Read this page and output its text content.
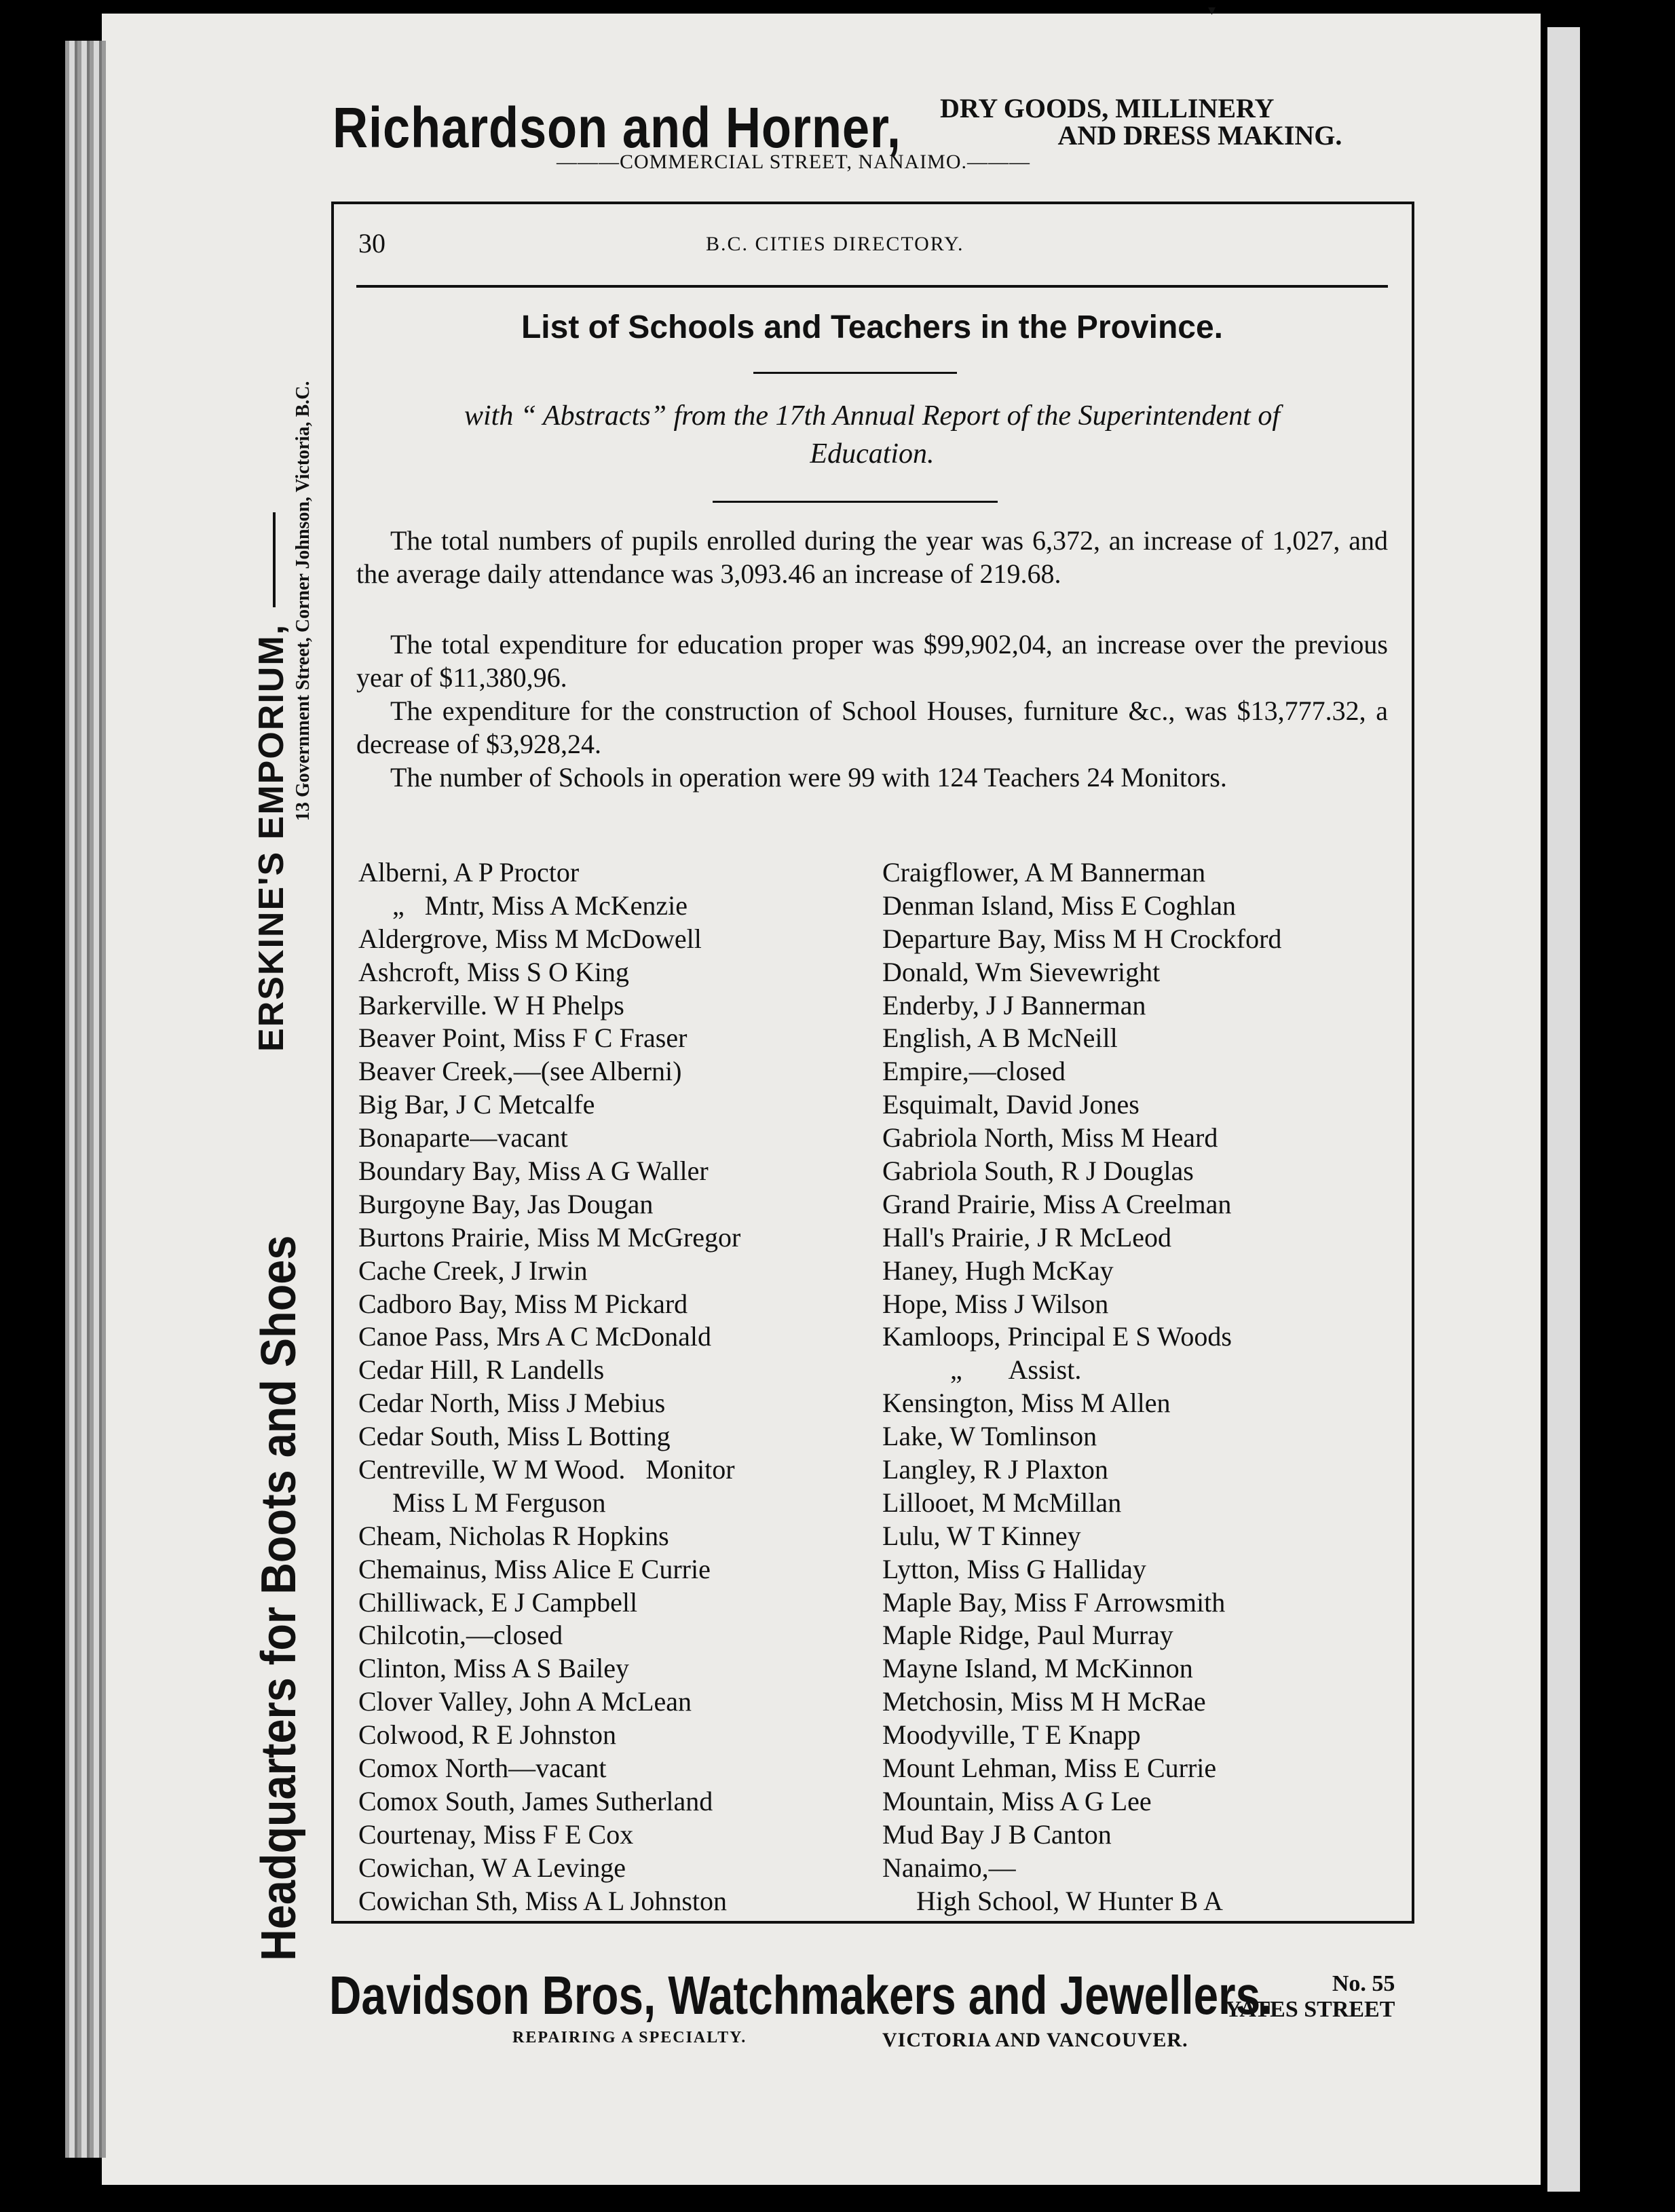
▾
Richardson and Horner, DRY GOODS, MILLINERY
AND DRESS MAKING.
———COMMERCIAL STREET, NANAIMO.———
Headquarters for Boots and Shoes
ERSKINE'S EMPORIUM,
13 Government Street, Corner Johnson, Victoria, B.C.
30	B.C. CITIES DIRECTORY.
List of Schools and Teachers in the Province.
with “ Abstracts” from the 17th Annual Report of the Superintendent of
Education.

The total numbers of pupils enrolled during the year was 6,372, an increase of 1,027, and the average daily attendance was 3,093.46 an increase of 219.68.

The total expenditure for education proper was $99,902,04, an increase over the previous year of $11,380,96.

The expenditure for the construction of School Houses, furniture &c., was $13,777.32, a decrease of $3,928,24.

The number of Schools in operation were 99 with 124 Teachers 24 Monitors.

Alberni, A P Proctor
„   Mntr, Miss A McKenzie
Aldergrove, Miss M McDowell
Ashcroft, Miss S O King
Barkerville. W H Phelps
Beaver Point, Miss F C Fraser
Beaver Creek,—(see Alberni)
Big Bar, J C Metcalfe
Bonaparte—vacant
Boundary Bay, Miss A G Waller
Burgoyne Bay, Jas Dougan
Burtons Prairie, Miss M McGregor
Cache Creek, J Irwin
Cadboro Bay, Miss M Pickard
Canoe Pass, Mrs A C McDonald
Cedar Hill, R Landells
Cedar North, Miss J Mebius
Cedar South, Miss L Botting
Centreville, W M Wood.   Monitor
Miss L M Ferguson
Cheam, Nicholas R Hopkins
Chemainus, Miss Alice E Currie
Chilliwack, E J Campbell
Chilcotin,—closed
Clinton, Miss A S Bailey
Clover Valley, John A McLean
Colwood, R E Johnston
Comox North—vacant
Comox South, James Sutherland
Courtenay, Miss F E Cox
Cowichan, W A Levinge
Cowichan Sth, Miss A L Johnston
Craigflower, A M Bannerman
Denman Island, Miss E Coghlan
Departure Bay, Miss M H Crockford
Donald, Wm Sievewright
Enderby, J J Bannerman
English, A B McNeill
Empire,—closed
Esquimalt, David Jones
Gabriola North, Miss M Heard
Gabriola South, R J Douglas
Grand Prairie, Miss A Creelman
Hall's Prairie, J R McLeod
Haney, Hugh McKay
Hope, Miss J Wilson
Kamloops, Principal E S Woods
„       Assist.
Kensington, Miss M Allen
Lake, W Tomlinson
Langley, R J Plaxton
Lillooet, M McMillan
Lulu, W T Kinney
Lytton, Miss G Halliday
Maple Bay, Miss F Arrowsmith
Maple Ridge, Paul Murray
Mayne Island, M McKinnon
Metchosin, Miss M H McRae
Moodyville, T E Knapp
Mount Lehman, Miss E Currie
Mountain, Miss A G Lee
Mud Bay J B Canton
Nanaimo,—
High School, W Hunter B A
Davidson Bros, Watchmakers and Jewellers.	No. 55
YATES STREET
REPAIRING A SPECIALTY.	VICTORIA AND VANCOUVER.
